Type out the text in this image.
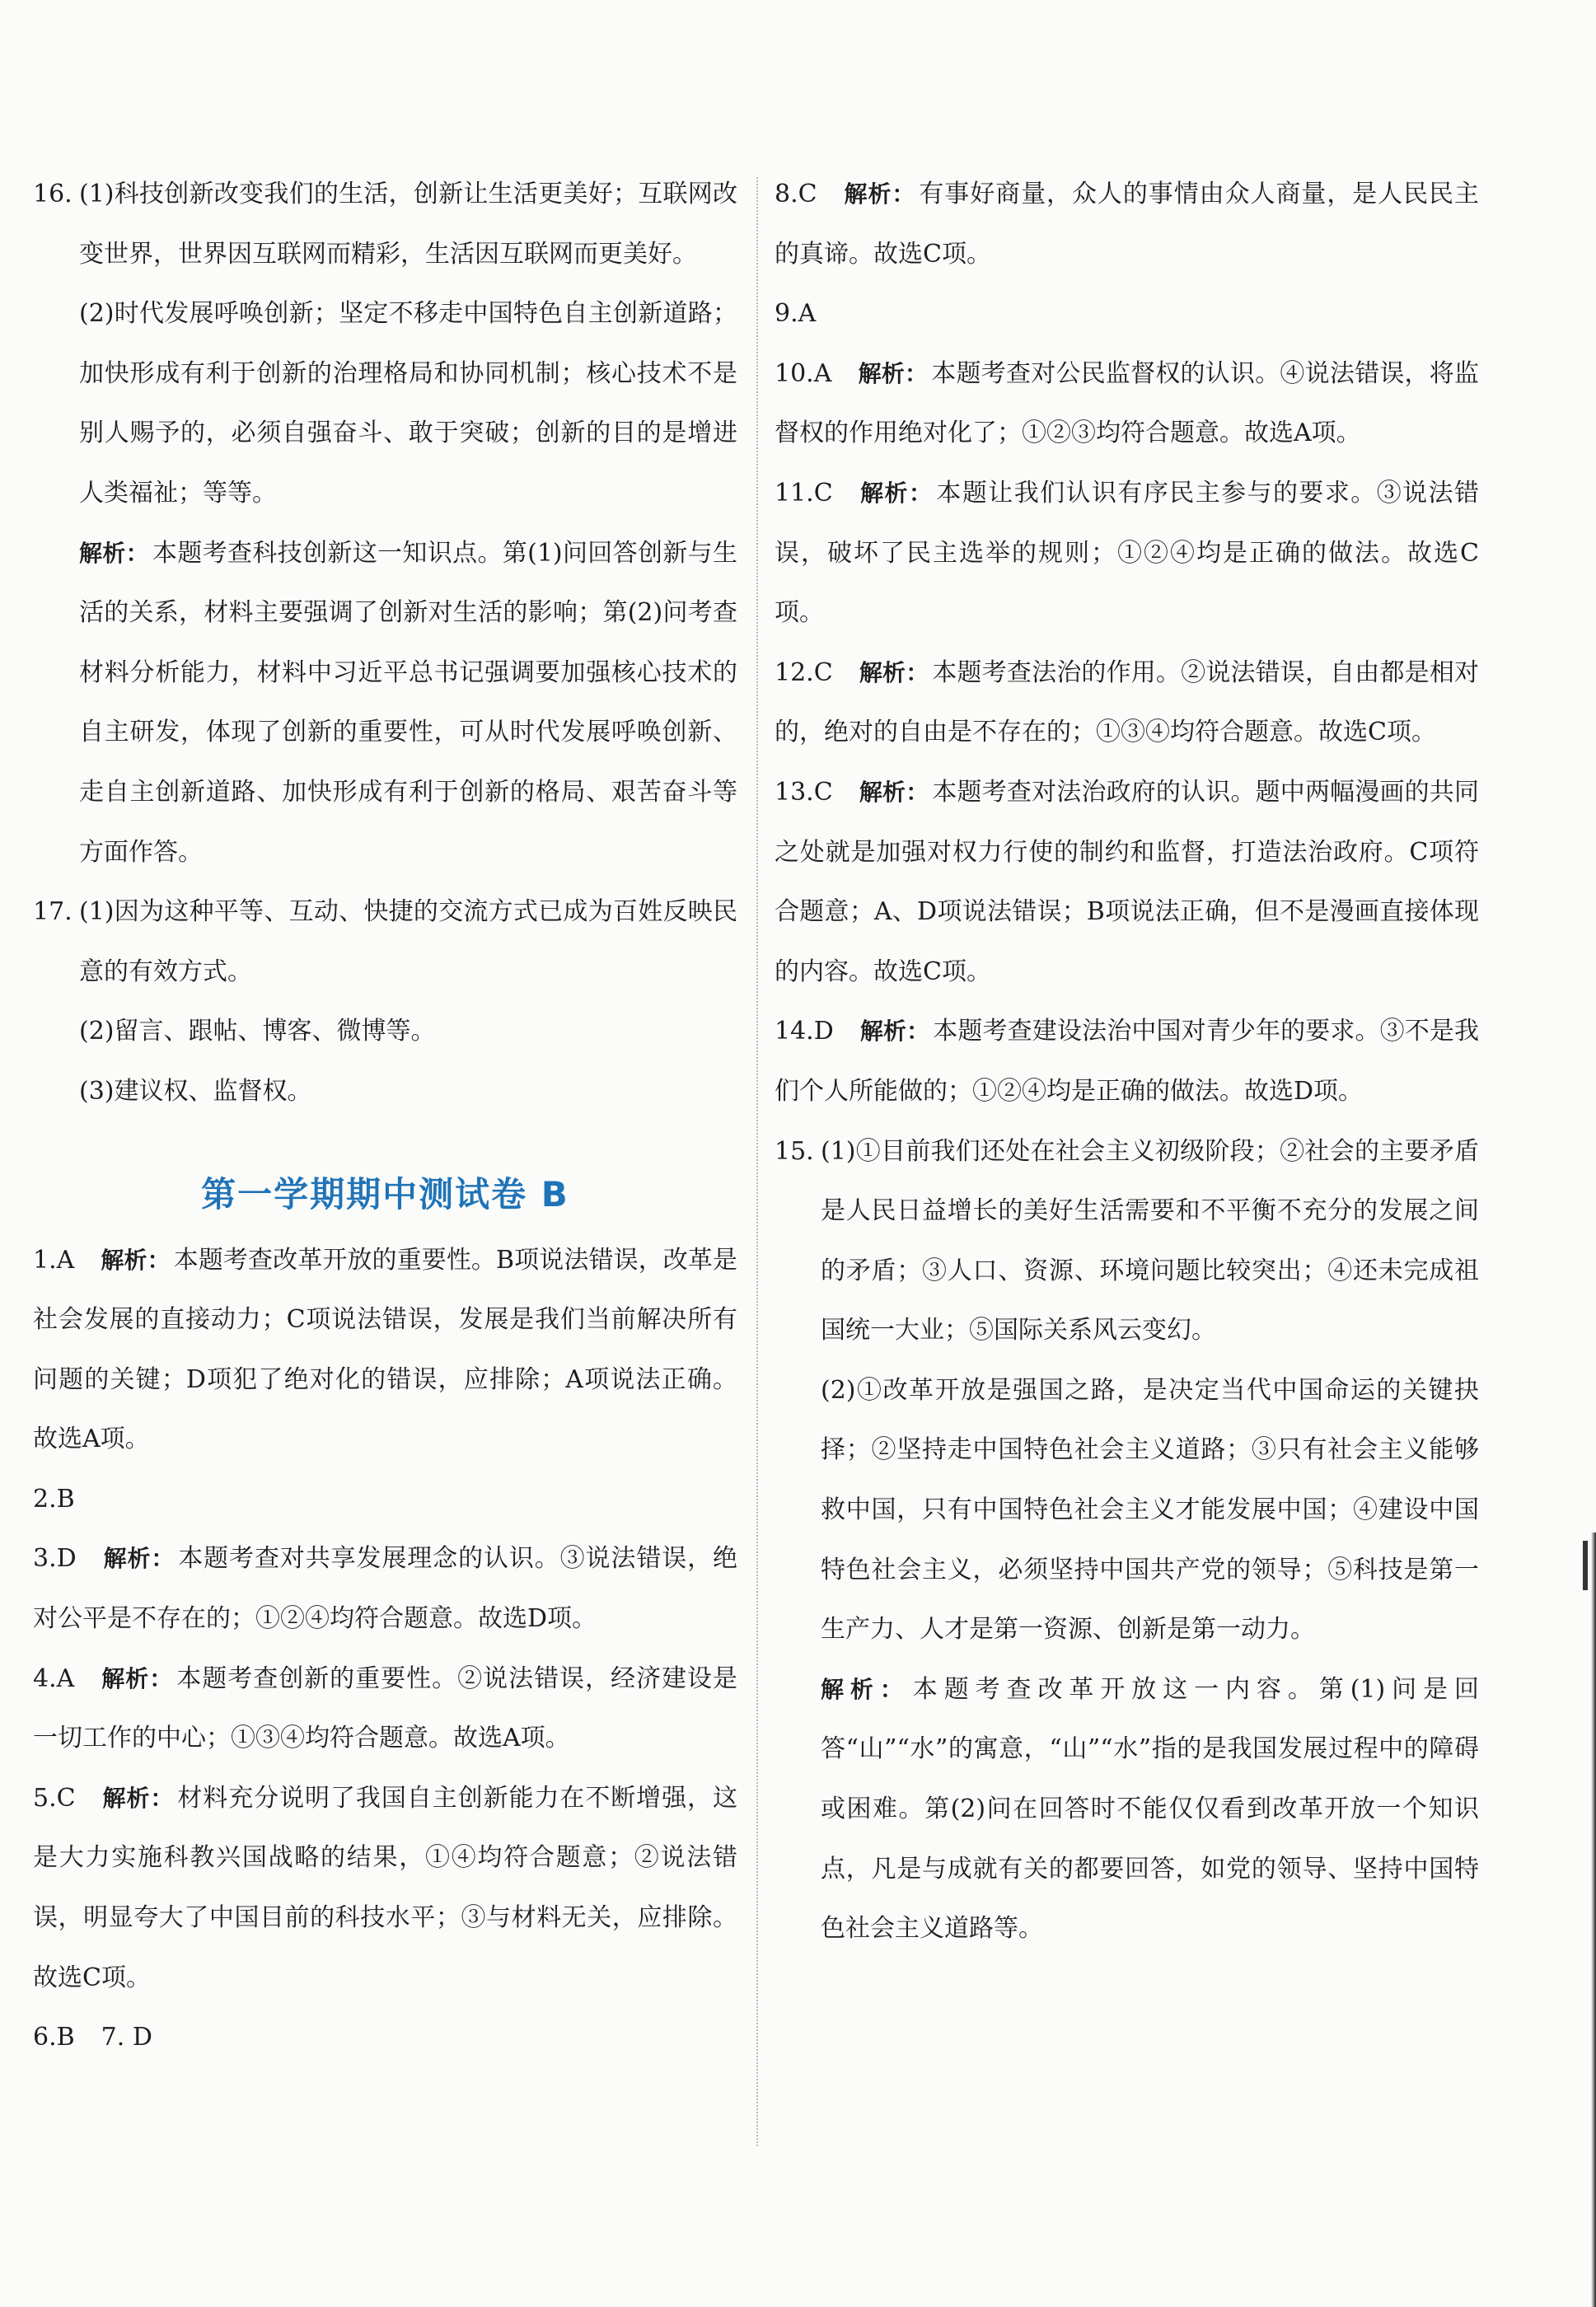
16. (1)科技创新改变我们的生活，创新让生活更美好；互联网改变世界，世界因互联网而精彩，生活因互联网而更美好。
(2)时代发展呼唤创新；坚定不移走中国特色自主创新道路；加快形成有利于创新的治理格局和协同机制；核心技术不是别人赐予的，必须自强奋斗、敢于突破；创新的目的是增进人类福祉；等等。
解析： 本题考查科技创新这一知识点。第(1)问回答创新与生活的关系，材料主要强调了创新对生活的影响；第(2)问考查材料分析能力，材料中习近平总书记强调要加强核心技术的自主研发，体现了创新的重要性，可从时代发展呼唤创新、走自主创新道路、加快形成有利于创新的格局、艰苦奋斗等方面作答。
17. (1)因为这种平等、互动、快捷的交流方式已成为百姓反映民意的有效方式。
(2)留言、跟帖、博客、微博等。
(3)建议权、监督权。
第一学期期中测试卷 B
1.A 解析： 本题考查改革开放的重要性。B项说法错误，改革是社会发展的直接动力；C项说法错误，发展是我们当前解决所有问题的关键；D项犯了绝对化的错误，应排除；A项说法正确。故选A项。
2.B
3.D 解析： 本题考查对共享发展理念的认识。③说法错误，绝对公平是不存在的；①②④均符合题意。故选D项。
4.A 解析： 本题考查创新的重要性。②说法错误，经济建设是一切工作的中心；①③④均符合题意。故选A项。
5.C 解析： 材料充分说明了我国自主创新能力在不断增强，这是大力实施科教兴国战略的结果，①④均符合题意；②说法错误，明显夸大了中国目前的科技水平；③与材料无关，应排除。故选C项。
6.B 7. D
8.C 解析： 有事好商量，众人的事情由众人商量，是人民民主的真谛。故选C项。
9.A
10.A 解析： 本题考查对公民监督权的认识。④说法错误，将监督权的作用绝对化了；①②③均符合题意。故选A项。
11.C 解析： 本题让我们认识有序民主参与的要求。③说法错误，破坏了民主选举的规则；①②④均是正确的做法。故选C项。
12.C 解析： 本题考查法治的作用。②说法错误，自由都是相对的，绝对的自由是不存在的；①③④均符合题意。故选C项。
13.C 解析： 本题考查对法治政府的认识。题中两幅漫画的共同之处就是加强对权力行使的制约和监督，打造法治政府。C项符合题意；A、D项说法错误；B项说法正确，但不是漫画直接体现的内容。故选C项。
14.D 解析： 本题考查建设法治中国对青少年的要求。③不是我们个人所能做的；①②④均是正确的做法。故选D项。
15. (1)①目前我们还处在社会主义初级阶段；②社会的主要矛盾是人民日益增长的美好生活需要和不平衡不充分的发展之间的矛盾；③人口、资源、环境问题比较突出；④还未完成祖国统一大业；⑤国际关系风云变幻。
(2)①改革开放是强国之路，是决定当代中国命运的关键抉择；②坚持走中国特色社会主义道路；③只有社会主义能够救中国，只有中国特色社会主义才能发展中国；④建设中国特色社会主义，必须坚持中国共产党的领导；⑤科技是第一生产力、人才是第一资源、创新是第一动力。
解析： 本题考查改革开放这一内容。第(1)问是回答“山”“水”的寓意，“山”“水”指的是我国发展过程中的障碍或困难。第(2)问在回答时不能仅仅看到改革开放一个知识点，凡是与成就有关的都要回答，如党的领导、坚持中国特色社会主义道路等。
